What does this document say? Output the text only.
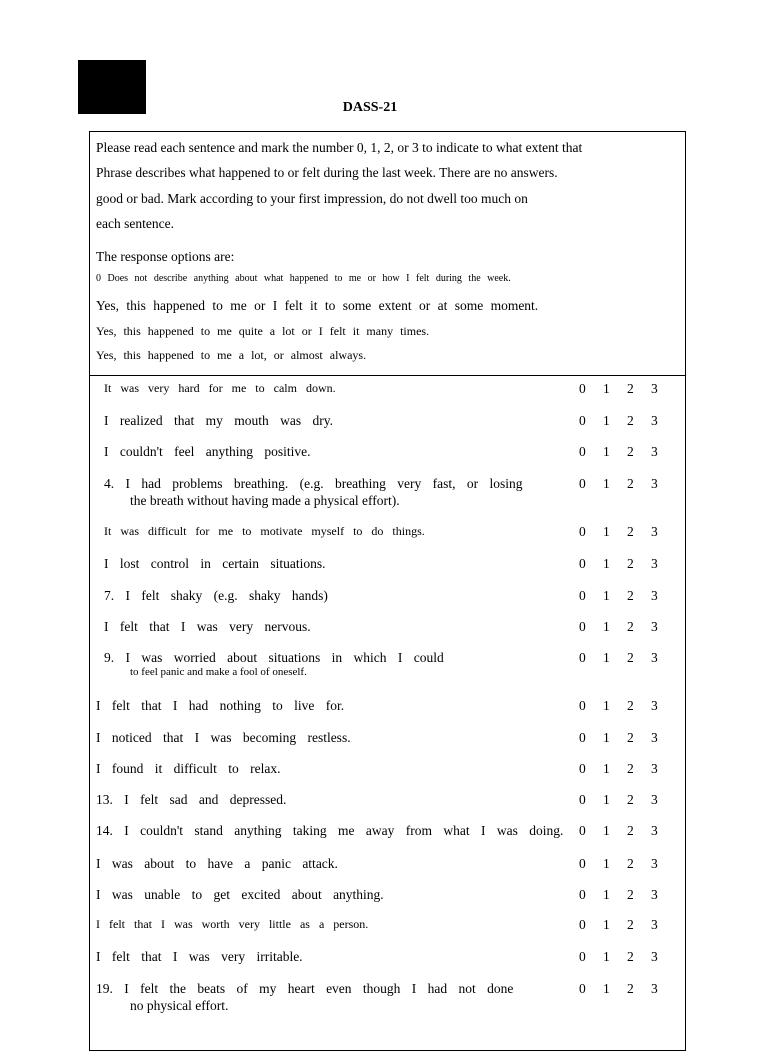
DASS-21
Please read each sentence and mark the number 0, 1, 2, or 3 to indicate to what extent that
Phrase describes what happened to or felt during the last week. There are no answers.
good or bad. Mark according to your first impression, do not dwell too much on
each sentence.
The response options are:
0 Does not describe anything about what happened to me or how I felt during the week.
Yes, this happened to me or I felt it to some extent or at some moment.
Yes, this happened to me quite a lot or I felt it many times.
Yes, this happened to me a lot, or almost always.
It was very hard for me to calm down.	0	1	2	3
I realized that my mouth was dry.	0	1	2	3
I couldn't feel anything positive.	0	1	2	3
4. I had problems breathing. (e.g. breathing very fast, or losing
the breath without having made a physical effort).
0	1	2	3
It was difficult for me to motivate myself to do things.	0	1	2	3
I lost control in certain situations.	0	1	2	3
7. I felt shaky (e.g. shaky hands)	0	1	2	3
I felt that I was very nervous.	0	1	2	3
9. I was worried about situations in which I could
to feel panic and make a fool of oneself.
0	1	2	3
I felt that I had nothing to live for.	0	1	2	3
I noticed that I was becoming restless.	0	1	2	3
I found it difficult to relax.	0	1	2	3
13. I felt sad and depressed.	0	1	2	3
14. I couldn't stand anything taking me away from what I was doing. 0	1	2	3
I was about to have a panic attack.	0	1	2	3
I was unable to get excited about anything.	0	1	2	3
I felt that I was worth very little as a person.	0	1	2	3
I felt that I was very irritable.	0	1	2	3
19. I felt the beats of my heart even though I had not done
no physical effort.
0	1	2	3
